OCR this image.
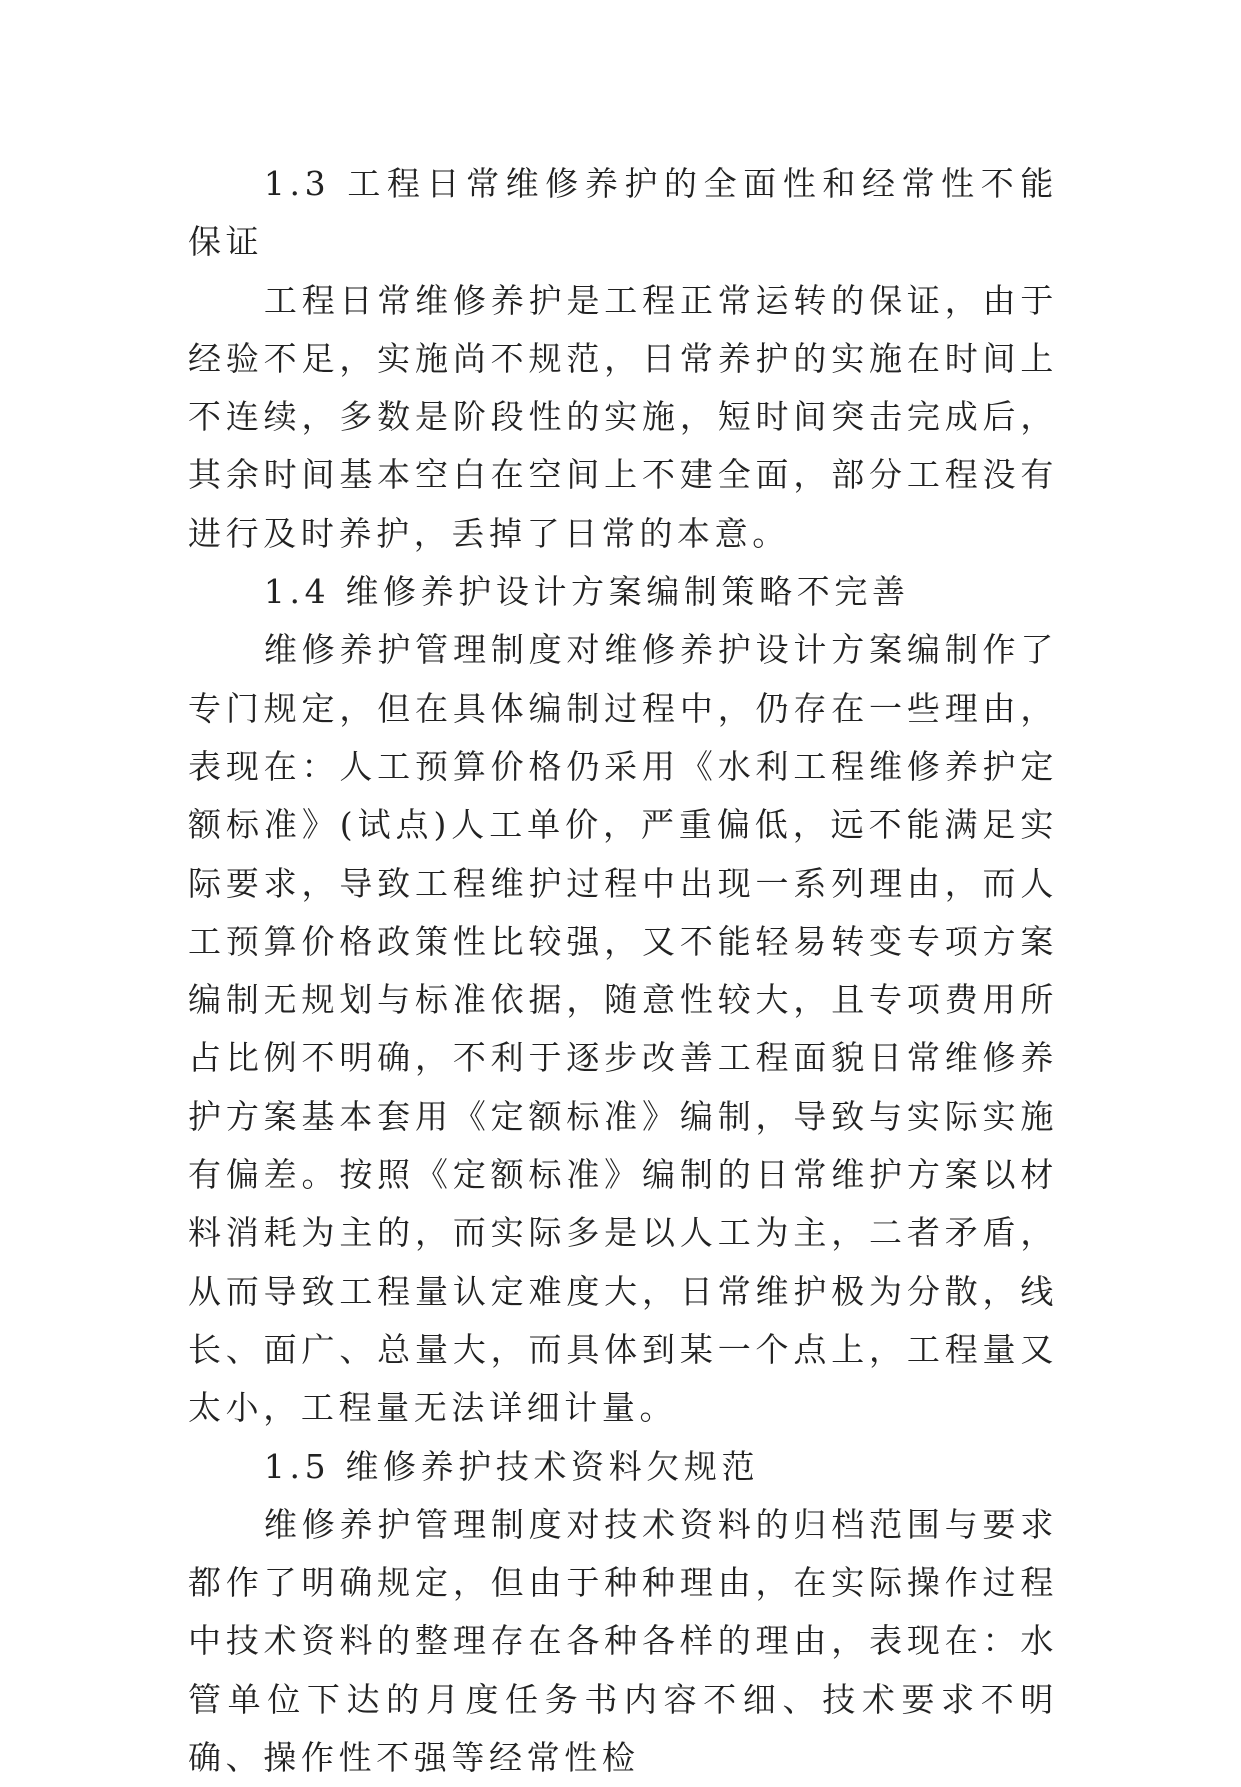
1.3 工程日常维修养护的全面性和经常性不能保证

工程日常维修养护是工程正常运转的保证，由于经验不足，实施尚不规范，日常养护的实施在时间上不连续，多数是阶段性的实施，短时间突击完成后，其余时间基本空白在空间上不建全面，部分工程没有进行及时养护，丢掉了日常的本意。

1.4 维修养护设计方案编制策略不完善

维修养护管理制度对维修养护设计方案编制作了专门规定，但在具体编制过程中，仍存在一些理由，表现在：人工预算价格仍采用《水利工程维修养护定额标准》(试点)人工单价，严重偏低，远不能满足实际要求，导致工程维护过程中出现一系列理由，而人工预算价格政策性比较强，又不能轻易转变专项方案编制无规划与标准依据，随意性较大，且专项费用所占比例不明确，不利于逐步改善工程面貌日常维修养护方案基本套用《定额标准》编制，导致与实际实施有偏差。按照《定额标准》编制的日常维护方案以材料消耗为主的，而实际多是以人工为主，二者矛盾，从而导致工程量认定难度大，日常维护极为分散，线长、面广、总量大，而具体到某一个点上，工程量又太小，工程量无法详细计量。

1.5 维修养护技术资料欠规范

维修养护管理制度对技术资料的归档范围与要求都作了明确规定，但由于种种理由，在实际操作过程中技术资料的整理存在各种各样的理由，表现在：水管单位下达的月度任务书内容不细、技术要求不明确、操作性不强等经常性检
